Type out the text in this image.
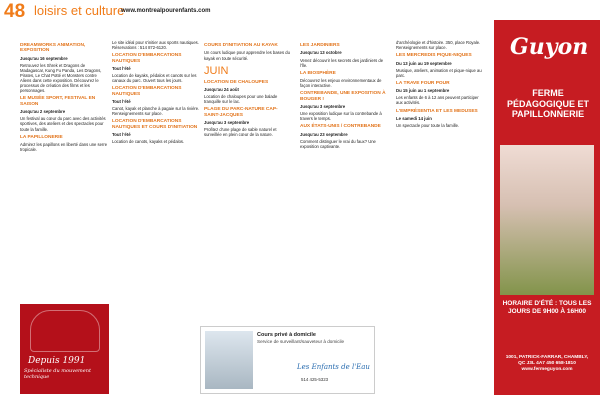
48 loisirs et culture
www.montrealpourenfants.com

DREAMWORKS ANIMATION, EXPOSITION

Jusqu'au 16 septembre

Retrouvez les Shrek et Dragons de Madagascar, Kung Fu Panda, Les Dragons, Pirates, Le Chat Potté et Monsters contre Aliens dans cette exposition. Découvrez le processus de création des films et les personnages.

LE MUSÉE SPORT, FESTIVAL EN SAISON

Jusqu'au 2 septembre

Un festival au cœur du parc avec des activités sportives, des ateliers et des spectacles pour toute la famille.

LA PAPILLONERIE

Admirez les papillons en liberté dans une serre tropicale.

Le site idéal pour s'initier aux sports nautiques. Réservations : 514 872-6120.

LOCATION D'EMBARCATIONS NAUTIQUES

Tout l'été

Location de kayaks, pédalos et canots sur les canaux du parc. Ouvert tous les jours.

LOCATION D'EMBARCATIONS NAUTIQUES

Tout l'été

Canot, kayak et planche à pagaie sur la rivière. Renseignements sur place.

LOCATION D'EMBARCATIONS NAUTIQUES ET COURS D'INITIATION

Tout l'été

Location de canots, kayaks et pédalos.

COURS D'INITIATION AU KAYAK

Un cours ludique pour apprendre les bases du kayak en toute sécurité.

JUIN

LOCATION DE CHALOUPES

Jusqu'au 24 août

Location de chaloupes pour une balade tranquille sur le lac.

PLAGE DU PARC-NATURE CAP-SAINT-JACQUES

Jusqu'au 3 septembre

Profitez d'une plage de sable naturel et surveillée en plein cœur de la nature.

LES JARDINIERS

Jusqu'au 13 octobre

Venez découvrir les secrets des jardiniers de l'Île.

LA BIOSPHÈRE

Découvrez les enjeux environnementaux de façon interactive.

CONTREBANDE, UNE EXPOSITION À BOUGER !

Jusqu'au 3 septembre

Une exposition ludique sur la contrebande à travers le temps.

AUX ÉTATS-UNIS / CONTREBANDE

Jusqu'au 23 septembre

Comment distinguer le vrai du faux? Une exposition captivante.

d'archéologie et d'histoire. 350, place Royale. Renseignements sur place.

LES MERCREDIS PIQUE-NIQUES

Du 13 juin au 19 septembre

Musique, ateliers, animation et pique-nique au parc.

LA TRAVE FOUR POUR

Du 15 juin au 1 septembre

Les enfants de 6 à 12 ans peuvent participer aux activités.

L'EMPRÉSENTIA ET LES MEDUSES

Le samedi 14 juin

Un spectacle pour toute la famille.

Depuis 1991
Spécialiste du mouvement technique
Cours privé à domicile
Service de surveillant/sauveteur à domicile
Les Enfants de l'Eau
514 425-5323
Guyon
FERME PÉDAGOGIQUE ET PAPILLONNERIE
HORAIRE D'ÉTÉ : TOUS LES JOURS DE 9H00 À 16H00
1001, PATRICK-FARRAR, CHAMBLY, QC J3L 4A7 450 658-1810 www.fermeguyon.com
